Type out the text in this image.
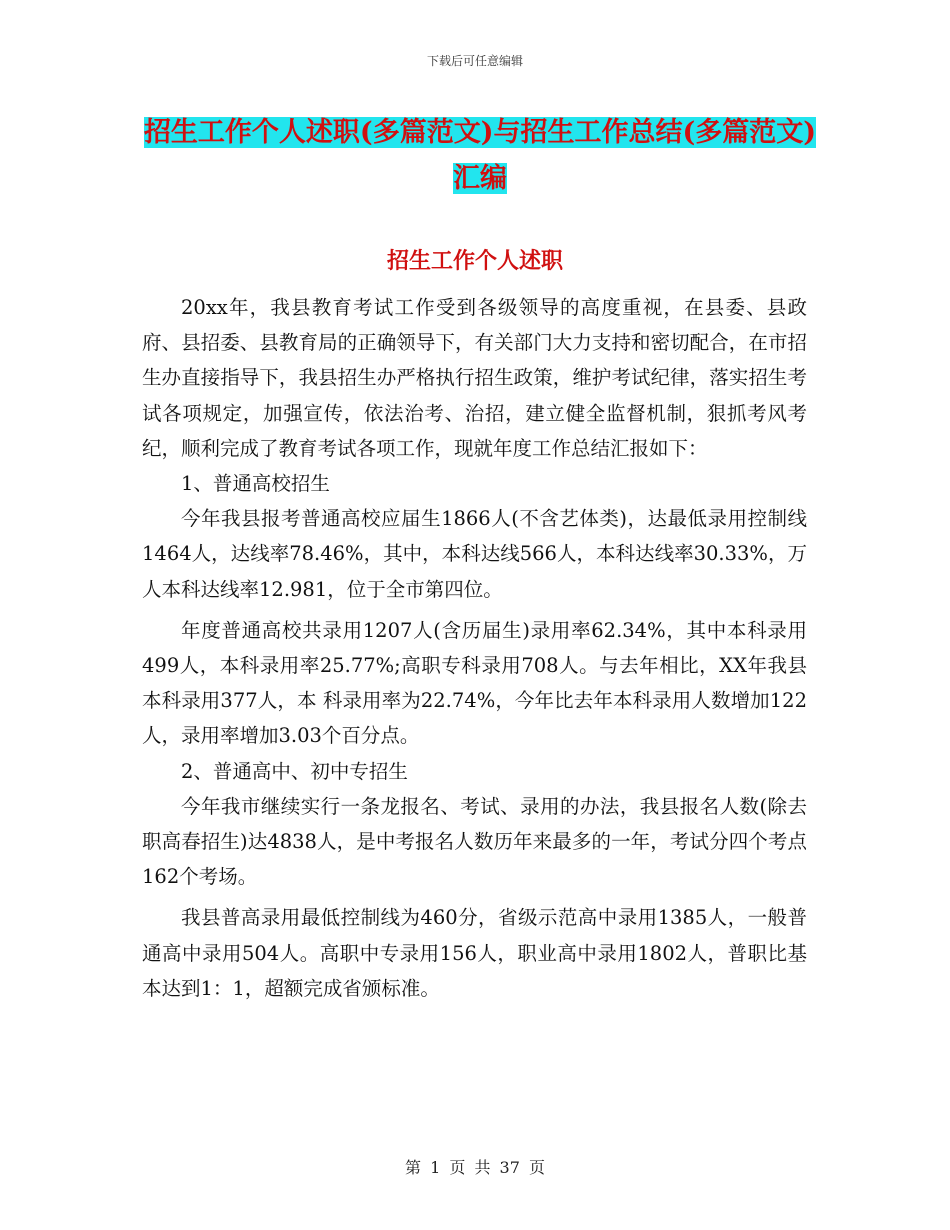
下载后可任意编辑
招生工作个人述职(多篇范文)与招生工作总结(多篇范文)汇编
招生工作个人述职

20xx年，我县教育考试工作受到各级领导的高度重视，在县委、县政府、县招委、县教育局的正确领导下，有关部门大力支持和密切配合，在市招生办直接指导下，我县招生办严格执行招生政策，维护考试纪律，落实招生考试各项规定，加强宣传，依法治考、治招，建立健全监督机制，狠抓考风考纪，顺利完成了教育考试各项工作，现就年度工作总结汇报如下：

1、普通高校招生

今年我县报考普通高校应届生1866人(不含艺体类)，达最低录用控制线1464人，达线率78.46%，其中，本科达线566人，本科达线率30.33%，万人本科达线率12.981，位于全市第四位。

年度普通高校共录用1207人(含历届生)录用率62.34%，其中本科录用499人，本科录用率25.77%;高职专科录用708人。与去年相比，XX年我县本科录用377人，本 科录用率为22.74%，今年比去年本科录用人数增加122人，录用率增加3.03个百分点。

2、普通高中、初中专招生

今年我市继续实行一条龙报名、考试、录用的办法，我县报名人数(除去职高春招生)达4838人，是中考报名人数历年来最多的一年，考试分四个考点162个考场。

我县普高录用最低控制线为460分，省级示范高中录用1385人，一般普通高中录用504人。高职中专录用156人，职业高中录用1802人，普职比基本达到1：1，超额完成省颁标准。

第 1 页 共 37 页
